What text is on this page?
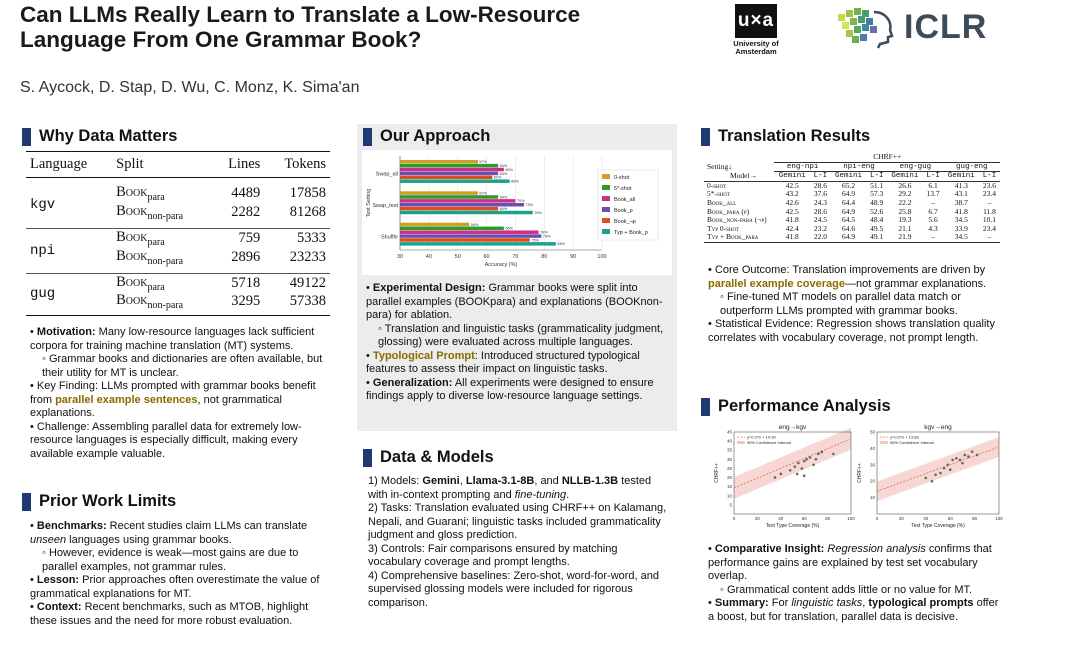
Can LLMs Really Learn to Translate a Low-Resource Language From One Grammar Book?
S. Aycock, D. Stap, D. Wu, C. Monz, K. Sima'an
u×a
University of Amsterdam
ICLR
Why Data Matters
Language	Split	Lines	Tokens
kgv	Book$_{para}$	4489	17858
	Book$_{non-para}$	2282	81268
npi	Book$_{para}$	759	5333
	Book$_{non-para}$	2896	23233
gug	Book$_{para}$	5718	49122
	Book$_{non-para}$	3295	57338

• Motivation: Many low-resource languages lack sufficient corpora for training machine translation (MT) systems.

◦ Grammar books and dictionaries are often available, but their utility for MT is unclear.

• Key Finding: LLMs prompted with grammar books benefit from parallel example sentences, not grammatical explanations.

• Challenge: Assembling parallel data for extremely low-resource languages is especially difficult, making every available example valuable.

Prior Work Limits

• Benchmarks: Recent studies claim LLMs can translate unseen languages using grammar books.

◦ However, evidence is weak—most gains are due to parallel examples, not grammar rules.

• Lesson: Prior approaches often overestimate the value of grammatical explanations for MT.

• Context: Recent benchmarks, such as MTOB, highlight these issues and the need for more robust evaluation.

Our Approach
30	40	50	60	70	80	90	100
Accuracy (%)
Test Setting
Swap_all
57%
64%
66%
64%
62%
68%
Swap_test
57%
64%
70%
73%
64%
76%
Shuffle
54%
66%
78%
79%
75%
84%
0-shot
5*-shot
Book_all
Book_p
Book_¬p
Typ + Book_p

• Experimental Design: Grammar books were split into parallel examples (BOOKpara) and explanations (BOOKnon-para) for ablation.

◦ Translation and linguistic tasks (grammaticality judgment, glossing) were evaluated across multiple languages.

• Typological Prompt: Introduced structured typological features to assess their impact on linguistic tasks.

• Generalization: All experiments were designed to ensure findings apply to diverse low-resource language settings.

Data & Models

1) Models: Gemini, Llama-3.1-8B, and NLLB-1.3B tested with in-context prompting and fine-tuning.

2) Tasks: Translation evaluated using CHRF++ on Kalamang, Nepali, and Guarani; linguistic tasks included grammaticality judgment and gloss prediction.

3) Controls: Fair comparisons ensured by matching vocabulary coverage and prompt lengths.

4) Comprehensive baselines: Zero-shot, word-for-word, and supervised glossing models were included for rigorous comparison.

Translation Results
	CHRF++							
Setting↓	eng-npi		npi-eng		eng-gug		gug-eng	
Model→	Gemini	L-I	Gemini	L-I	Gemini	L-I	Gemini	L-I
0-shot	42.5	28.6	65.2	51.1	26.6	6.1	41.3	23.6
5*-shot	43.2	37.6	64.9	57.3	29.2	13.7	43.1	23.4
Book_all	42.6	24.3	64.4	48.9	22.2	–	38.7	–
Book_para (p)	42.5	28.6	64.9	52.6	25.8	6.7	41.8	11.8
Book_non-para (¬p)	41.8	24.5	64.5	48.4	19.3	5.6	34.5	10.1
Typ 0-shot	42.4	23.2	64.6	49.5	21.1	4.3	33.9	23.4
Typ + Book_para	41.8	22.0	64.9	49.1	21.9	–	34.5	–

• Core Outcome: Translation improvements are driven by parallel example coverage—not grammar explanations.

◦ Fine-tuned MT models on parallel data match or outperform LLMs prompted with grammar books.

• Statistical Evidence: Regression shows translation quality correlates with vocabulary coverage, not prompt length.

Performance Analysis
eng→kgv
0	20	40	60	80	100
5
10
15
20
25
30
35
40
45
Test Type Coverage (%)
CHRF++
y=0.27x + 14.30
95% Confidence Interval
kgv→eng
0	20	40	60	80	100
10
20
30
40
50
Test Type Coverage (%)
CHRF++
y=0.27x + 13.86
95% Confidence Interval

• Comparative Insight: Regression analysis confirms that performance gains are explained by test set vocabulary overlap.

◦ Grammatical content adds little or no value for MT.

• Summary: For linguistic tasks, typological prompts offer a boost, but for translation, parallel data is decisive.
